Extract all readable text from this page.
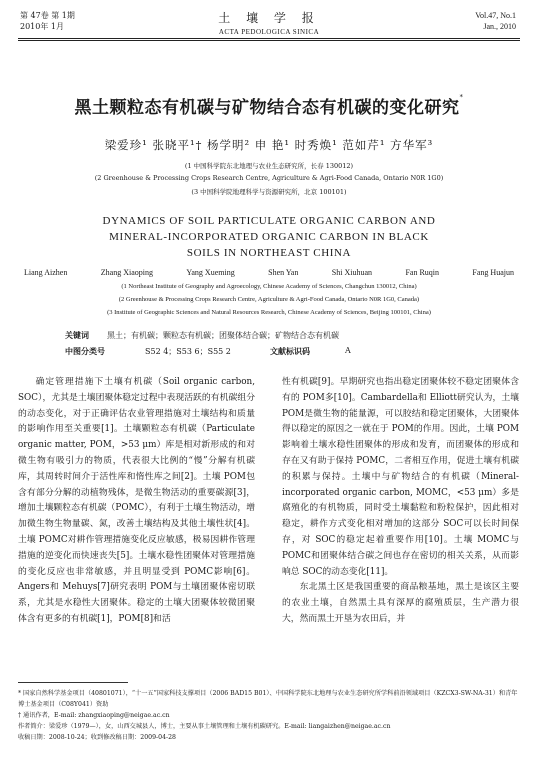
第 47卷 第 1期
2010年 1月
土 壤 学 报
ACTA PEDOLOGICA SINICA
Vol.47, No.1
Jan., 2010
黑土颗粒态有机碳与矿物结合态有机碳的变化研究*
梁爱珍¹ 张晓平¹† 杨学明² 申 艳¹ 时秀焕¹ 范如芹¹ 方华军³
(1 中国科学院东北地理与农业生态研究所，长春 130012)
(2 Greenhouse & Processing Crops Research Centre, Agriculture & Agri-Food Canada, Ontario N0R 1G0)
(3 中国科学院地理科学与资源研究所，北京 100101)
DYNAMICS OF SOIL PARTICULATE ORGANIC CARBON AND
MINERAL-INCORPORATED ORGANIC CARBON IN BLACK
SOILS IN NORTHEAST CHINA
Liang Aizhen	Zhang Xiaoping	Yang Xueming	Shen Yan	Shi Xiuhuan	Fan Ruqin	Fang Huajun
(1 Northeast Institute of Geography and Agroecology, Chinese Academy of Sciences, Changchun 130012, China)
(2 Greenhouse & Processing Crops Research Centre, Agriculture & Agri-Food Canada, Ontario N0R 1G0, Canada)
(3 Institute of Geographic Sciences and Natural Resources Research, Chinese Academy of Sciences, Beijing 100101, China)
关键词 黑土；有机碳；颗粒态有机碳；团聚体结合碳；矿物结合态有机碳
中图分类号	S52 4；S53 6；S55 2	文献标识码	A

确定管理措施下土壤有机碳（Soil organic carbon, SOC），尤其是土壤团聚体稳定过程中表现活跃的有机碳组分的动态变化，对于正确评估农业管理措施对土壤结构和质量的影响作用至关重要[1]。土壤颗粒态有机碳（Particulate organic matter, POM，>53 μm）库是相对新形成的和对微生物有吸引力的物质，代表很大比例的“慢”分解有机碳库，其周转时间介于活性库和惰性库之间[2]。土壤 POM包含有部分分解的动植物残体，是微生物活动的重要碳源[3]，增加土壤颗粒态有机碳（POMC），有利于土壤生物活动，增加微生物生物量碳、氮，改善土壤结构及其他土壤性状[4]。土壤 POMC对耕作管理措施变化反应敏感，极易因耕作管理措施的逆变化而快速丧失[5]。土壤水稳性团聚体对管理措施的变化反应也非常敏感，并且明显受到 POMC影响[6]。Angers和 Mehuys[7]研究表明 POM与土壤团聚体密切联系，尤其是水稳性大团聚体。稳定的土壤大团聚体较微团聚体含有更多的有机碳[1]，POM[8]和活

性有机碳[9]。早期研究也指出稳定团聚体较不稳定团聚体含有的 POM多[10]。Cambardella和 Elliott研究认为，土壤 POM是微生物的能量源，可以胶结和稳定团聚体，大团聚体得以稳定的原因之一就在于 POM的作用。因此，土壤 POM影响着土壤水稳性团聚体的形成和发育，而团聚体的形成和存在又有助于保持 POMC，二者相互作用，促进土壤有机碳的积累与保持。土壤中与矿物结合的有机碳（Mineral-incorporated organic carbon, MOMC，<53 μm）多是腐殖化的有机物质，同时受土壤黏粒和粉粒保护，因此相对稳定，耕作方式变化相对增加的这部分 SOC可以长时间保存，对 SOC的稳定起着重要作用[10]。土壤 MOMC与 POMC和团聚体结合碳之间也存在密切的相关关系，从而影响总 SOC的动态变化[11]。

东北黑土区是我国重要的商品粮基地，黑土是该区主要的农业土壤，自然黑土具有深厚的腐殖质层，生产潜力很大，然而黑土开垦为农田后，并

* 国家自然科学基金项目（40801071），“十一五”国家科技支撑项目（2006 BAD15 B01）、中国科学院东北地理与农业生态研究所学科前沿领域项目（KZCX3-SW-NA-31）和青年博士基金项目（C08Y041）资助
† 通讯作者，E-mail: zhangxiaoping@neigae.ac.cn
作者简介：梁爱珍（1979—），女，山西交城县人，博士，主要从事土壤管理和土壤有机碳研究。E-mail: liangaizhen@neigae.ac.cn
收稿日期：2008-10-24；收到修改稿日期：2009-04-28
